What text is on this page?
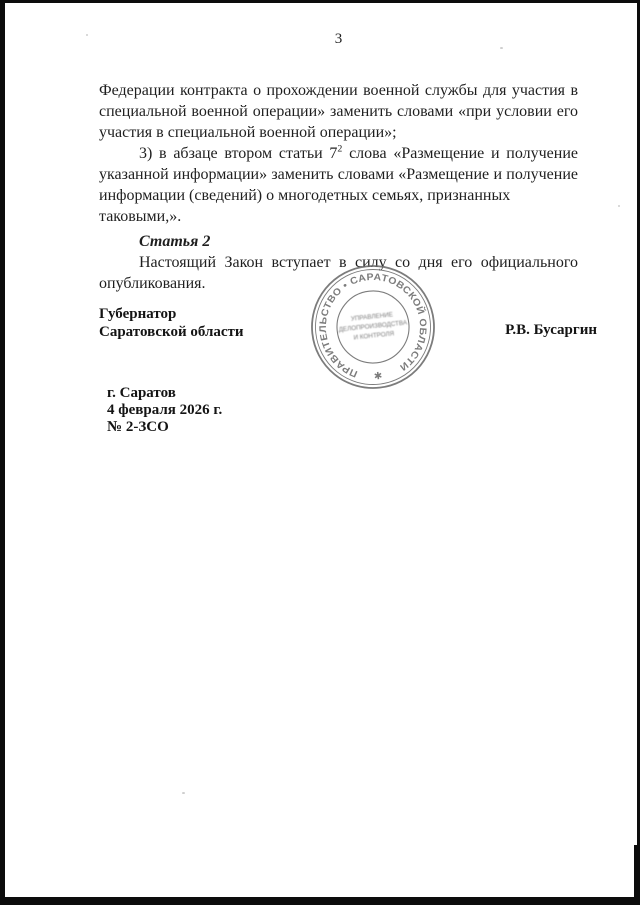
3
Федерации контракта о прохождении военной службы для участия в
специальной военной операции» заменить словами «при условии его
участия в специальной военной операции»;
3) в абзаце втором статьи $7^2$ слова «Размещение и получение
указанной информации» заменить словами «Размещение и получение
информации (сведений) о многодетных семьях, признанных таковыми,».
Статья 2
Настоящий Закон вступает в силу со дня его официального
опубликования.
Губернатор
Саратовской области	Р.В. Бусаргин
ПРАВИТЕЛЬСТВО • САРАТОВСКОЙ ОБЛАСТИ
✱
УПРАВЛЕНИЕ
ДЕЛОПРОИЗВОДСТВА
И КОНТРОЛЯ
г. Саратов
4 февраля 2026 г.
№ 2-ЗСО
